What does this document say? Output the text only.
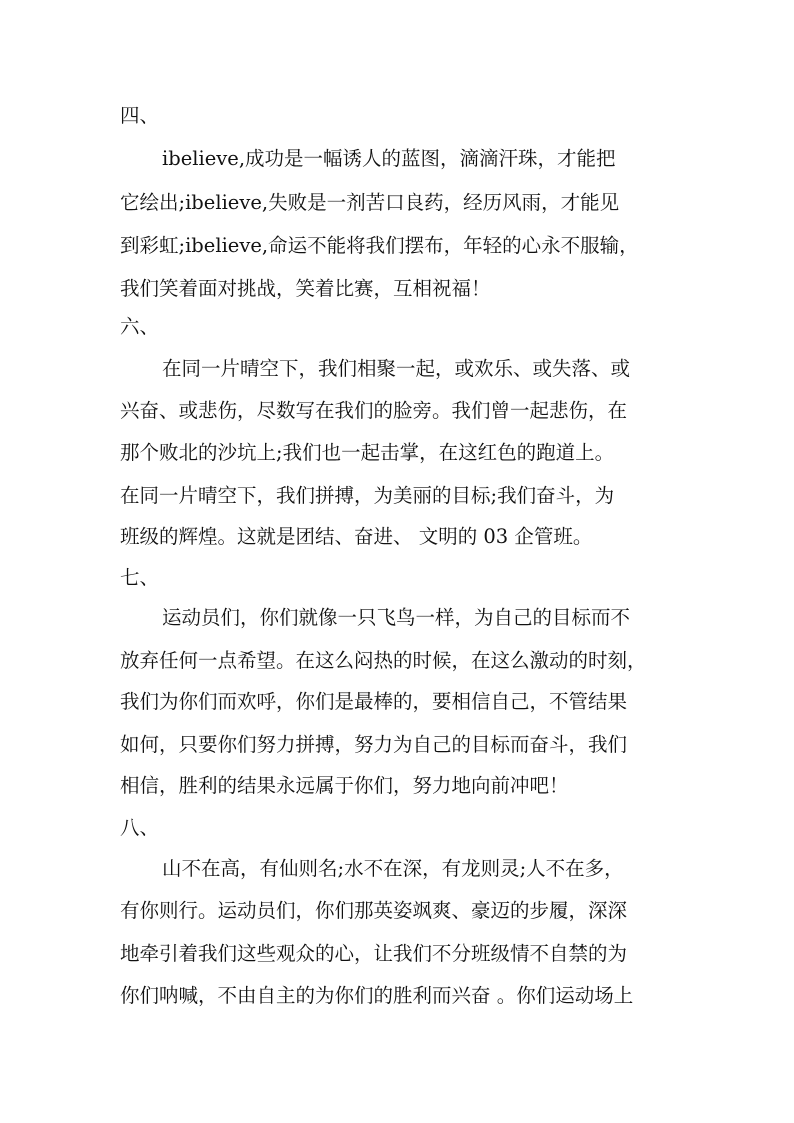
四、
ibelieve,成功是一幅诱人的蓝图，滴滴汗珠，才能把
它绘出;ibelieve,失败是一剂苦口良药，经历风雨，才能见
到彩虹;ibelieve,命运不能将我们摆布，年轻的心永不服输，
我们笑着面对挑战，笑着比赛，互相祝福！
六、
在同一片晴空下，我们相聚一起，或欢乐、或失落、或
兴奋、或悲伤，尽数写在我们的脸旁。我们曾一起悲伤，在
那个败北的沙坑上;我们也一起击掌，在这红色的跑道上。
在同一片晴空下，我们拼搏，为美丽的目标;我们奋斗，为
班级的辉煌。这就是团结、奋进、 文明的 03 企管班。
七、
运动员们，你们就像一只飞鸟一样，为自己的目标而不
放弃任何一点希望。在这么闷热的时候，在这么激动的时刻，
我们为你们而欢呼，你们是最棒的，要相信自己，不管结果
如何，只要你们努力拼搏，努力为自己的目标而奋斗，我们
相信，胜利的结果永远属于你们，努力地向前冲吧！
八、
山不在高，有仙则名;水不在深，有龙则灵;人不在多，
有你则行。运动员们，你们那英姿飒爽、豪迈的步履，深深
地牵引着我们这些观众的心，让我们不分班级情不自禁的为
你们呐喊，不由自主的为你们的胜利而兴奋 。你们运动场上
